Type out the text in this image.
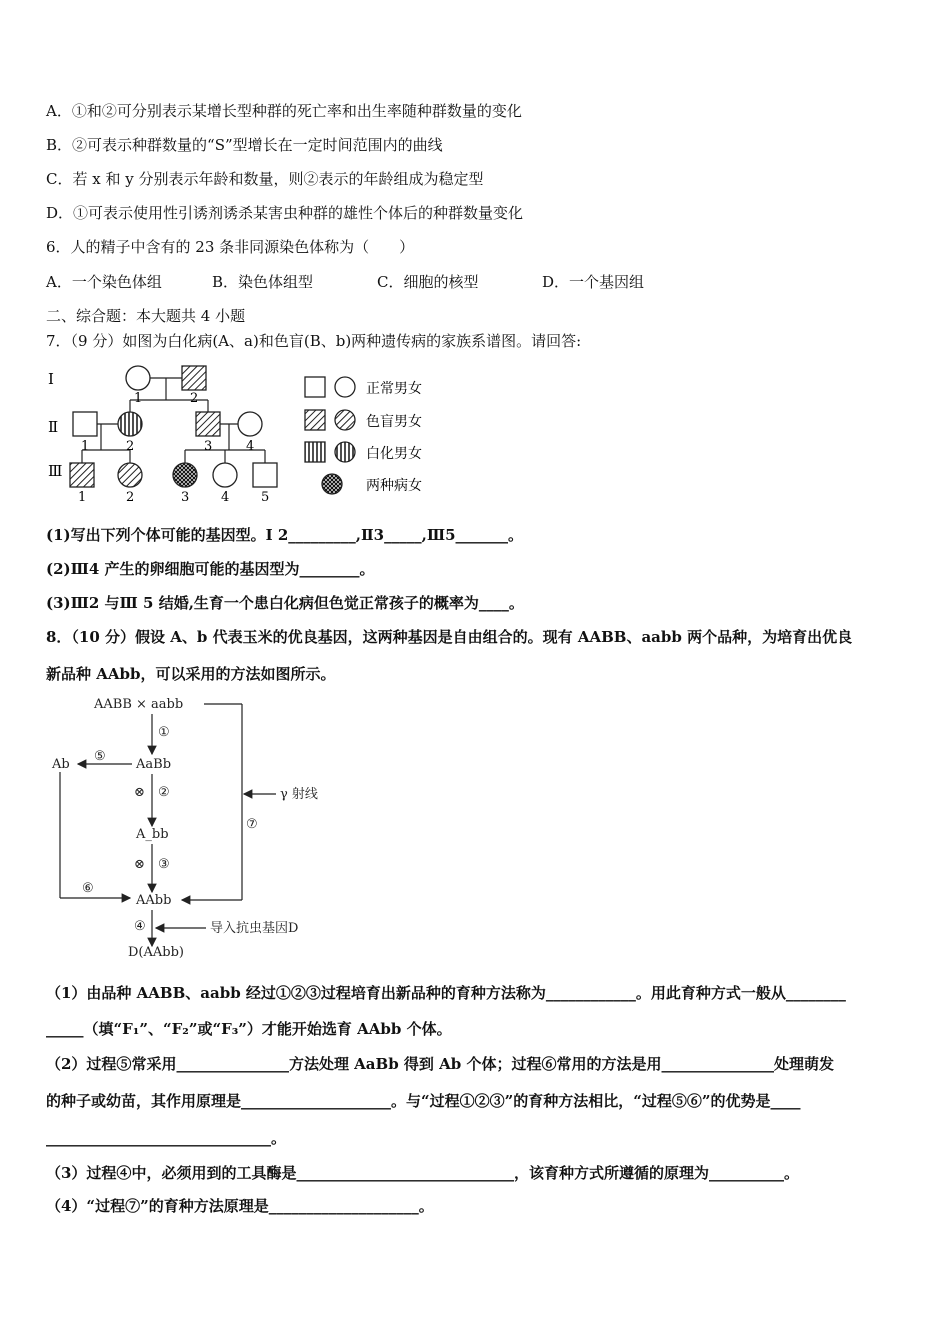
A．①和②可分别表示某增长型种群的死亡率和出生率随种群数量的变化
B．②可表示种群数量的“S”型增长在一定时间范围内的曲线
C．若 x 和 y 分别表示年龄和数量，则②表示的年龄组成为稳定型
D．①可表示使用性引诱剂诱杀某害虫种群的雄性个体后的种群数量变化
6．人的精子中含有的 23 条非同源染色体称为（　　）
A．一个染色体组	B．染色体组型	C．细胞的核型	D．一个基因组
二、综合题：本大题共 4 小题
7．（9 分）如图为白化病(A、a)和色盲(B、b)两种遗传病的家族系谱图。请回答:
Ⅰ
Ⅱ
Ⅲ
1	2
1	2	3	4
1	2	3 4 5
正常男女
色盲男女
白化男女
两种病女
(1)写出下列个体可能的基因型。Ⅰ 2_________,Ⅱ3_____,Ⅲ5_______。
(2)Ⅲ4 产生的卵细胞可能的基因型为________。
(3)Ⅲ2 与Ⅲ 5 结婚,生育一个患白化病但色觉正常孩子的概率为____。
8．（10 分）假设 A、b 代表玉米的优良基因，这两种基因是自由组合的。现有 AABB、aabb 两个品种，为培育出优良
新品种 AAbb，可以采用的方法如图所示。
AABB × aabb
①
AaBb
Ab
⑤
⊗ ②
A_bb
⊗ ③
AAbb
⑥
⑦
γ 射线
④	导入抗虫基因D
D(AAbb)
（1）由品种 AABB、aabb 经过①②③过程培育出新品种的育种方法称为____________。用此育种方式一般从________
_____（填“F₁”、“F₂”或“F₃”）才能开始选育 AAbb 个体。
（2）过程⑤常采用_______________方法处理 AaBb 得到 Ab 个体；过程⑥常用的方法是用_______________处理萌发
的种子或幼苗，其作用原理是____________________。与“过程①②③”的育种方法相比，“过程⑤⑥”的优势是____
______________________________。
（3）过程④中，必须用到的工具酶是_____________________________，该育种方式所遵循的原理为__________。
（4）“过程⑦”的育种方法原理是____________________。
